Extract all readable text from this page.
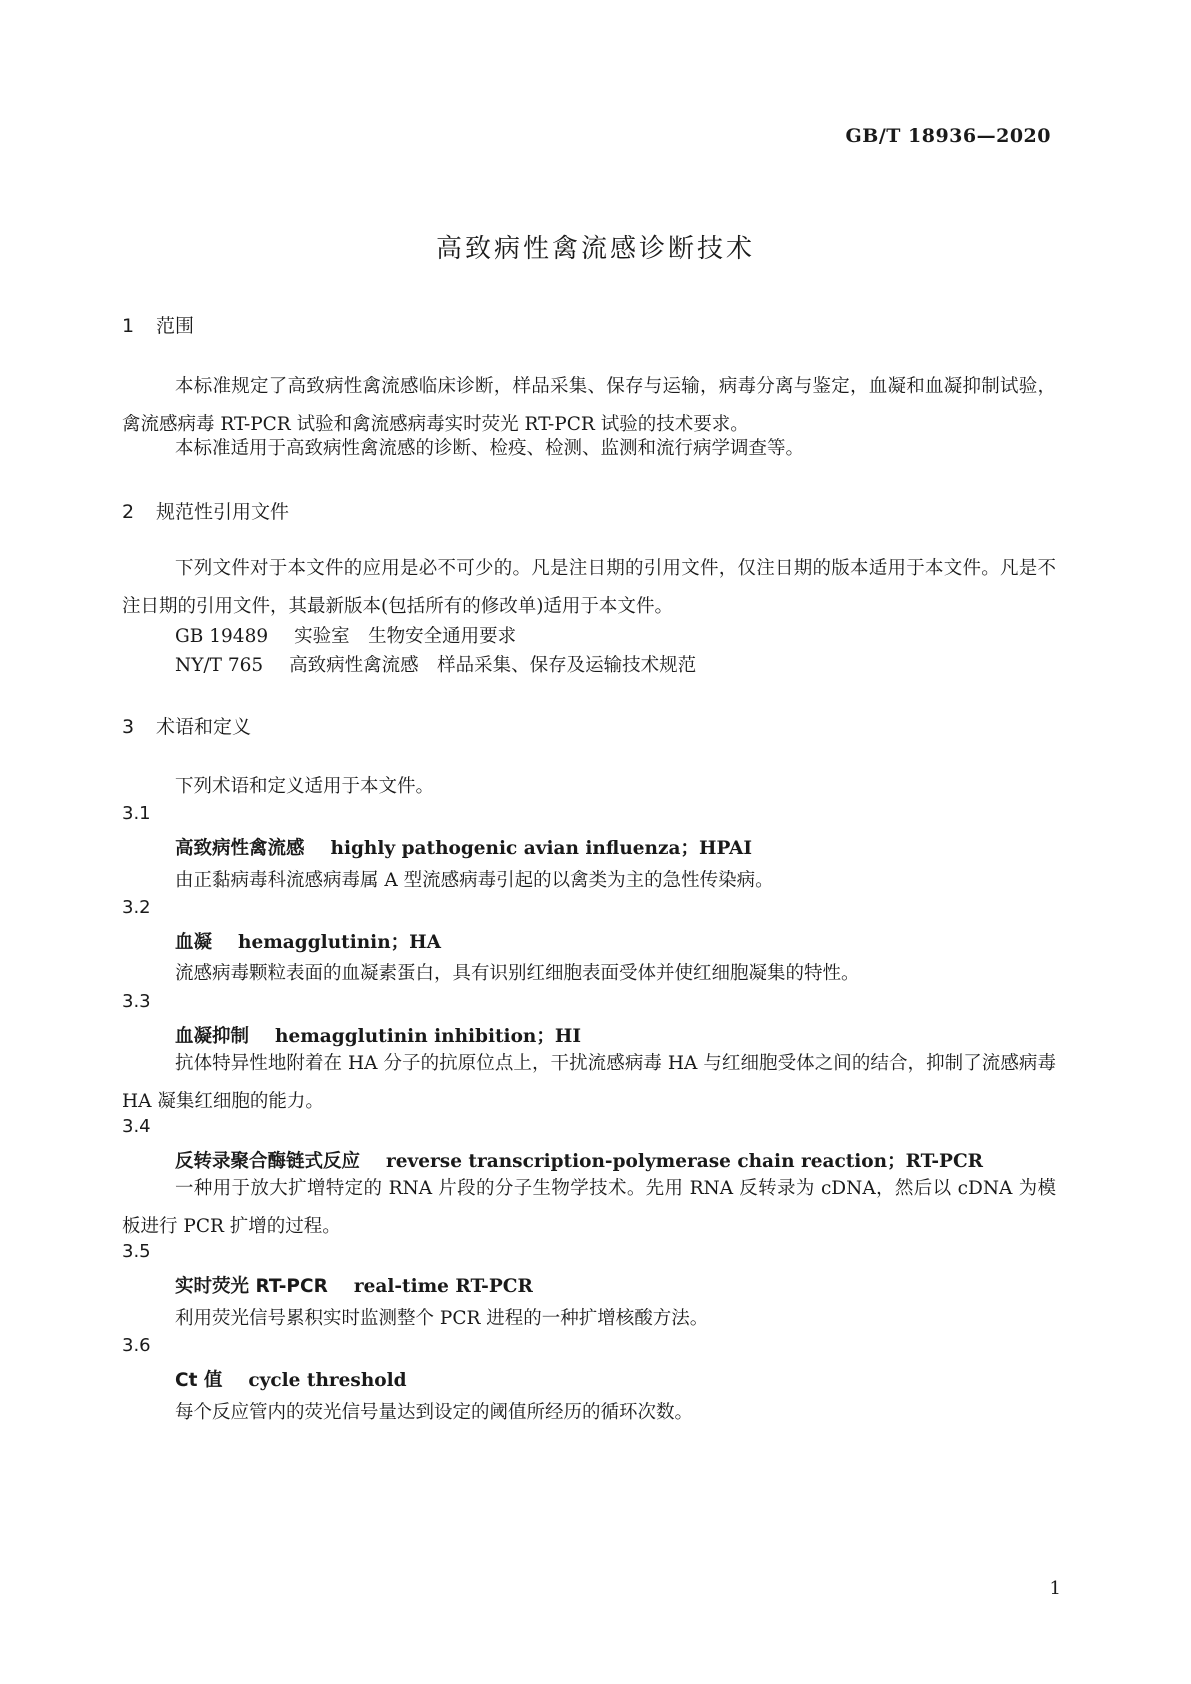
GB/T 18936—2020
高致病性禽流感诊断技术
1 范围
本标准规定了高致病性禽流感临床诊断，样品采集、保存与运输，病毒分离与鉴定，血凝和血凝抑制试验，禽流感病毒 RT-PCR 试验和禽流感病毒实时荧光 RT-PCR 试验的技术要求。
本标准适用于高致病性禽流感的诊断、检疫、检测、监测和流行病学调查等。
2 规范性引用文件
下列文件对于本文件的应用是必不可少的。凡是注日期的引用文件，仅注日期的版本适用于本文件。凡是不注日期的引用文件，其最新版本(包括所有的修改单)适用于本文件。
GB 19489 实验室　生物安全通用要求
NY/T 765 高致病性禽流感　样品采集、保存及运输技术规范
3 术语和定义
下列术语和定义适用于本文件。
3.1
高致病性禽流感 highly pathogenic avian influenza；HPAI
由正黏病毒科流感病毒属 A 型流感病毒引起的以禽类为主的急性传染病。
3.2
血凝 hemagglutinin；HA
流感病毒颗粒表面的血凝素蛋白，具有识别红细胞表面受体并使红细胞凝集的特性。
3.3
血凝抑制 hemagglutinin inhibition；HI
抗体特异性地附着在 HA 分子的抗原位点上，干扰流感病毒 HA 与红细胞受体之间的结合，抑制了流感病毒 HA 凝集红细胞的能力。
3.4
反转录聚合酶链式反应 reverse transcription-polymerase chain reaction；RT-PCR
一种用于放大扩增特定的 RNA 片段的分子生物学技术。先用 RNA 反转录为 cDNA，然后以 cDNA 为模板进行 PCR 扩增的过程。
3.5
实时荧光 RT-PCR real-time RT-PCR
利用荧光信号累积实时监测整个 PCR 进程的一种扩增核酸方法。
3.6
Ct 值 cycle threshold
每个反应管内的荧光信号量达到设定的阈值所经历的循环次数。
1
